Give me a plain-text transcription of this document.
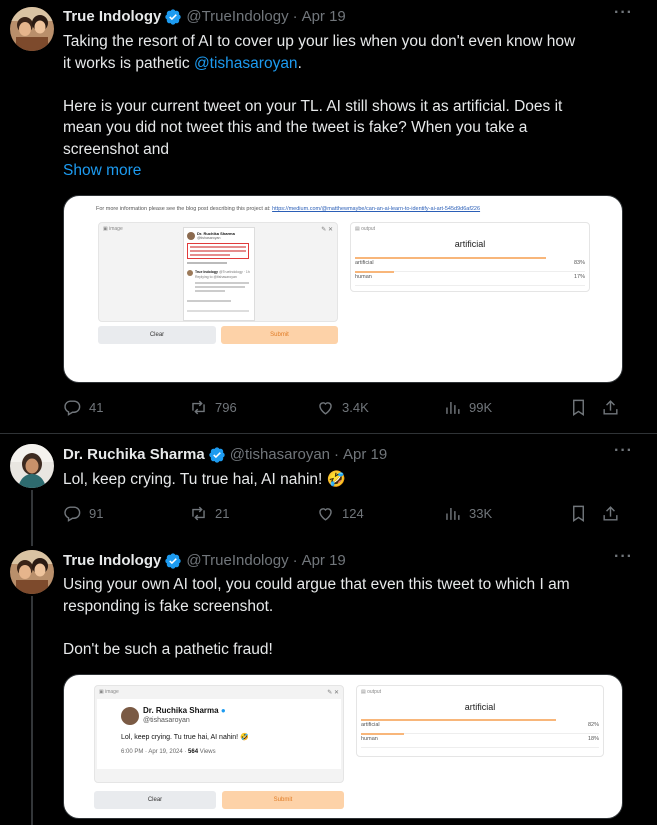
True Indology @TrueIndology · Apr 19	···
Taking the resort of AI to cover up your lies when you don't even know how
it works is pathetic @tishasaroyan.
Here is your current tweet on your TL. AI still shows it as artificial. Does it
mean you did not tweet this and the tweet is fake? When you take a
screenshot and
Show more
For more information please see the blog post describing this project at: https://medium.com/@matthewmaybe/can-an-ai-learn-to-identify-ai-art-545d9d6af226
▣ image	✎ ✕
Dr. Ruchika Sharma
@tishasaroyan
True Indology @TrueIndology · 1h
Replying to @tishasaroyan
Clear	Submit
▤ output
artificial
artificial	83%
human	17%
41	796	3.4K	99K
Dr. Ruchika Sharma @tishasaroyan · Apr 19	···
Lol, keep crying. Tu true hai, AI nahin! 🤣
91	21	124	33K
True Indology @TrueIndology · Apr 19	···
Using your own AI tool, you could argue that even this tweet to which I am
responding is fake screenshot.
Don't be such a pathetic fraud!
▣ image	✎ ✕
Dr. Ruchika Sharma ●
@tishasaroyan
Lol, keep crying. Tu true hai, AI nahin! 🤣
6:00 PM · Apr 19, 2024 · 564 Views
Clear	Submit
▤ output
artificial
artificial	82%
human	18%
